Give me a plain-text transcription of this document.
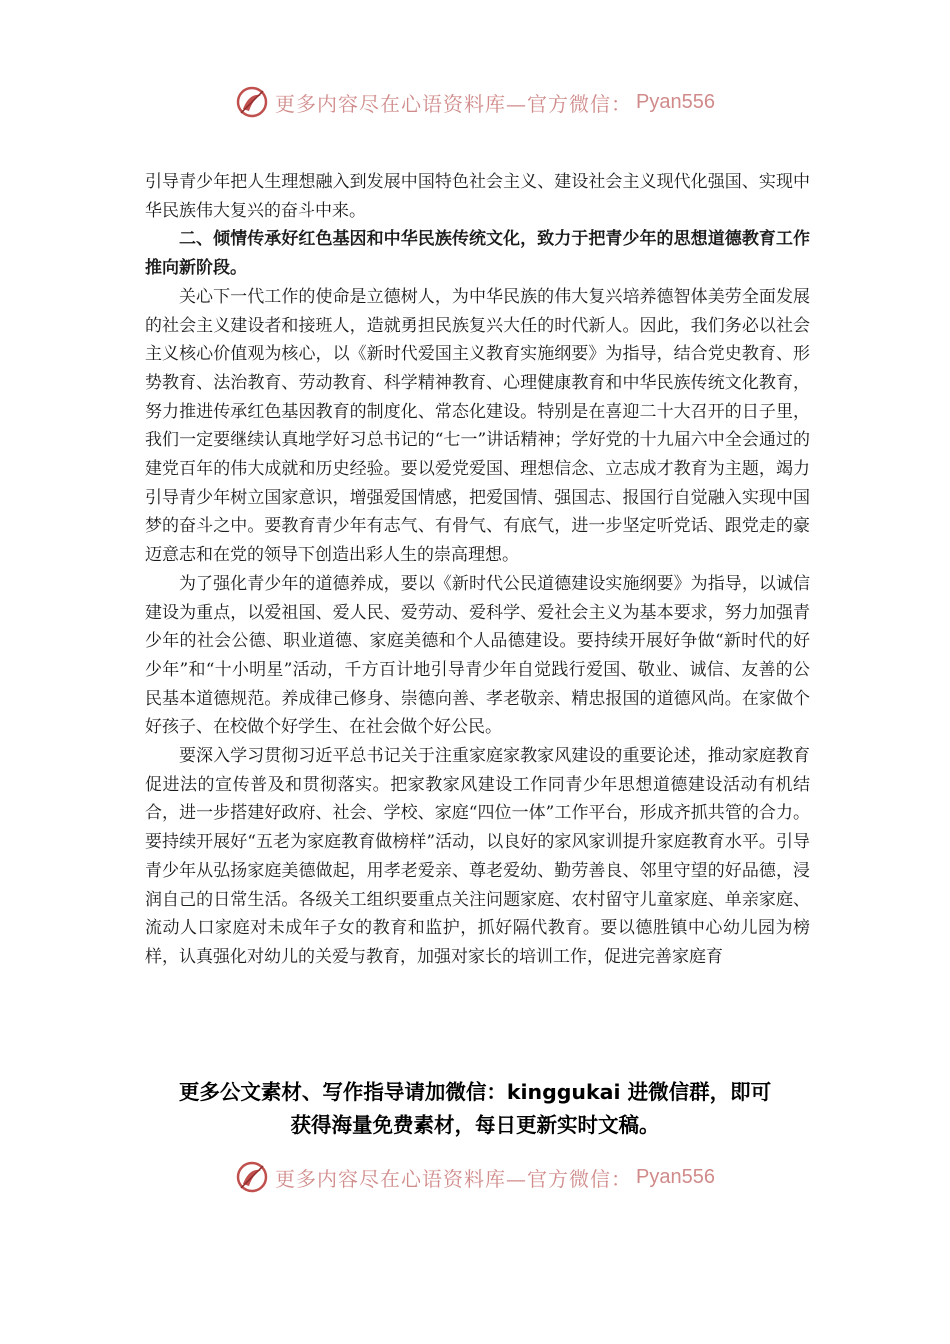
更多内容尽在心语资料库—官方微信： Pyan556

引导青少年把人生理想融入到发展中国特色社会主义、建设社会主义现代化强国、实现中华民族伟大复兴的奋斗中来。

二、倾情传承好红色基因和中华民族传统文化，致力于把青少年的思想道德教育工作推向新阶段。

关心下一代工作的使命是立德树人，为中华民族的伟大复兴培养德智体美劳全面发展的社会主义建设者和接班人，造就勇担民族复兴大任的时代新人。因此，我们务必以社会主义核心价值观为核心，以《新时代爱国主义教育实施纲要》为指导，结合党史教育、形势教育、法治教育、劳动教育、科学精神教育、心理健康教育和中华民族传统文化教育，努力推进传承红色基因教育的制度化、常态化建设。特别是在喜迎二十大召开的日子里，我们一定要继续认真地学好习总书记的“七一”讲话精神；学好党的十九届六中全会通过的建党百年的伟大成就和历史经验。要以爱党爱国、理想信念、立志成才教育为主题，竭力引导青少年树立国家意识，增强爱国情感，把爱国情、强国志、报国行自觉融入实现中国梦的奋斗之中。要教育青少年有志气、有骨气、有底气，进一步坚定听党话、跟党走的豪迈意志和在党的领导下创造出彩人生的崇高理想。

为了强化青少年的道德养成，要以《新时代公民道德建设实施纲要》为指导，以诚信建设为重点，以爱祖国、爱人民、爱劳动、爱科学、爱社会主义为基本要求，努力加强青少年的社会公德、职业道德、家庭美德和个人品德建设。要持续开展好争做“新时代的好少年”和“十小明星”活动，千方百计地引导青少年自觉践行爱国、敬业、诚信、友善的公民基本道德规范。养成律己修身、崇德向善、孝老敬亲、精忠报国的道德风尚。在家做个好孩子、在校做个好学生、在社会做个好公民。

要深入学习贯彻习近平总书记关于注重家庭家教家风建设的重要论述，推动家庭教育促进法的宣传普及和贯彻落实。把家教家风建设工作同青少年思想道德建设活动有机结合，进一步搭建好政府、社会、学校、家庭“四位一体”工作平台，形成齐抓共管的合力。要持续开展好“五老为家庭教育做榜样”活动，以良好的家风家训提升家庭教育水平。引导青少年从弘扬家庭美德做起，用孝老爱亲、尊老爱幼、勤劳善良、邻里守望的好品德，浸润自己的日常生活。各级关工组织要重点关注问题家庭、农村留守儿童家庭、单亲家庭、流动人口家庭对未成年子女的教育和监护，抓好隔代教育。要以德胜镇中心幼儿园为榜样，认真强化对幼儿的关爱与教育，加强对家长的培训工作，促进完善家庭育

更多公文素材、写作指导请加微信：kinggukai 进微信群，即可
获得海量免费素材，每日更新实时文稿。
更多内容尽在心语资料库—官方微信： Pyan556
